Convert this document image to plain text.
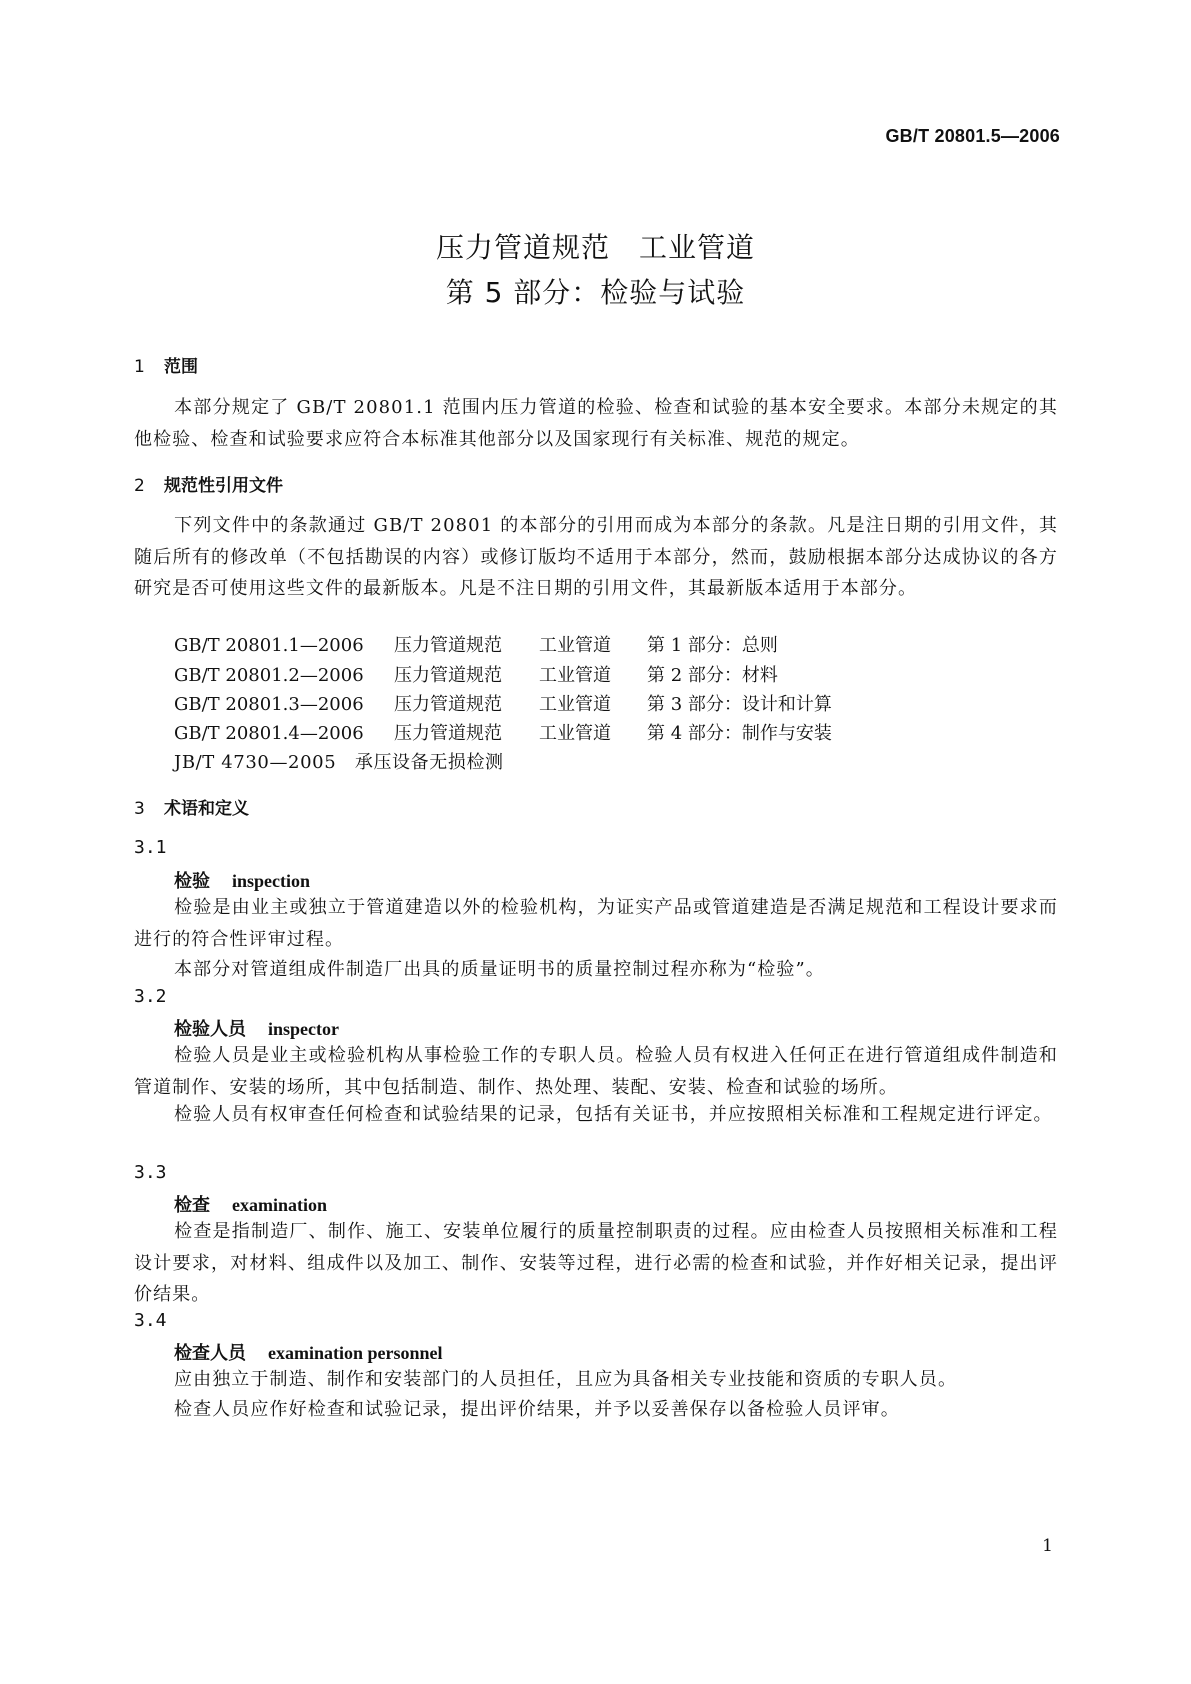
GB/T 20801.5—2006
压力管道规范　工业管道
第 5 部分：检验与试验
1 范围
本部分规定了 GB/T 20801.1 范围内压力管道的检验、检查和试验的基本安全要求。本部分未规定的其他检验、检查和试验要求应符合本标准其他部分以及国家现行有关标准、规范的规定。
2 规范性引用文件
下列文件中的条款通过 GB/T 20801 的本部分的引用而成为本部分的条款。凡是注日期的引用文件，其随后所有的修改单（不包括勘误的内容）或修订版均不适用于本部分，然而，鼓励根据本部分达成协议的各方研究是否可使用这些文件的最新版本。凡是不注日期的引用文件，其最新版本适用于本部分。
GB/T 20801.1—2006 压力管道规范 工业管道 第 1 部分：总则
GB/T 20801.2—2006 压力管道规范 工业管道 第 2 部分：材料
GB/T 20801.3—2006 压力管道规范 工业管道 第 3 部分：设计和计算
GB/T 20801.4—2006 压力管道规范 工业管道 第 4 部分：制作与安装
JB/T 4730—2005　承压设备无损检测
3 术语和定义
3.1
检验 inspection
检验是由业主或独立于管道建造以外的检验机构，为证实产品或管道建造是否满足规范和工程设计要求而进行的符合性评审过程。
本部分对管道组成件制造厂出具的质量证明书的质量控制过程亦称为“检验”。
3.2
检验人员 inspector
检验人员是业主或检验机构从事检验工作的专职人员。检验人员有权进入任何正在进行管道组成件制造和管道制作、安装的场所，其中包括制造、制作、热处理、装配、安装、检查和试验的场所。
检验人员有权审查任何检查和试验结果的记录，包括有关证书，并应按照相关标准和工程规定进行评定。
3.3
检查 examination
检查是指制造厂、制作、施工、安装单位履行的质量控制职责的过程。应由检查人员按照相关标准和工程设计要求，对材料、组成件以及加工、制作、安装等过程，进行必需的检查和试验，并作好相关记录，提出评价结果。
3.4
检查人员 examination personnel
应由独立于制造、制作和安装部门的人员担任，且应为具备相关专业技能和资质的专职人员。
检查人员应作好检查和试验记录，提出评价结果，并予以妥善保存以备检验人员评审。
1
